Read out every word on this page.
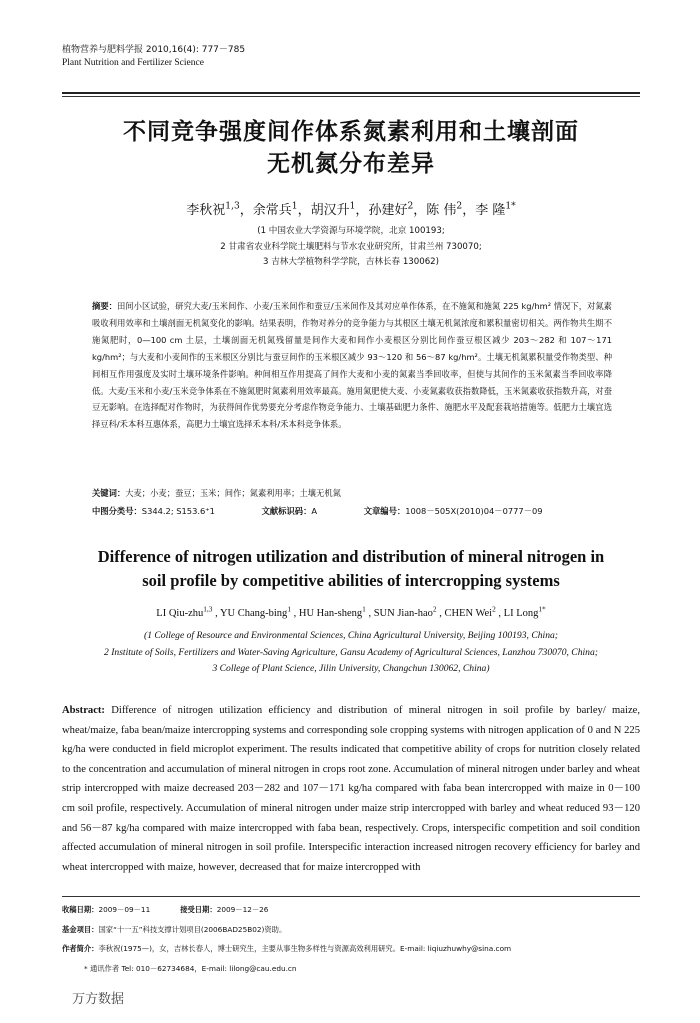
植物营养与肥料学报 2010,16(4): 777－785
Plant Nutrition and Fertilizer Science
不同竞争强度间作体系氮素利用和土壤剖面
无机氮分布差异
李秋祝$^{1,3}$，余常兵$^1$，胡汉升$^1$，孙建好$^2$，陈 伟$^2$，李 隆$^{1*}$
(1 中国农业大学资源与环境学院，北京 100193;
2 甘肃省农业科学院土壤肥料与节水农业研究所，甘肃兰州 730070;
3 吉林大学植物科学学院，吉林长春 130062)
摘要：田间小区试验，研究大麦/玉米间作、小麦/玉米间作和蚕豆/玉米间作及其对应单作体系，在不施氮和施氮 225 kg/hm² 情况下，对氮素吸收利用效率和土壤剖面无机氮变化的影响。结果表明，作物对养分的竞争能力与其根区土壤无机氮浓度和累积量密切相关。两作物共生期不施氮肥时，0—100 cm 土层，土壤剖面无机氮残留量是间作大麦和间作小麦根区分别比间作蚕豆根区减少 203～282 和 107～171 kg/hm²；与大麦和小麦间作的玉米根区分别比与蚕豆间作的玉米根区减少 93～120 和 56～87 kg/hm²。土壤无机氮累积量受作物类型、种间相互作用强度及实时土壤环境条件影响。种间相互作用提高了间作大麦和小麦的氮素当季回收率，但使与其间作的玉米氮素当季回收率降低。大麦/玉米和小麦/玉米竞争体系在不施氮肥时氮素利用效率最高。施用氮肥使大麦、小麦氮素收获指数降低，玉米氮素收获指数升高，对蚕豆无影响。在选择配对作物时，为获得间作优势要充分考虑作物竞争能力、土壤基础肥力条件、施肥水平及配套栽培措施等。低肥力土壤宜选择豆科/禾本科互惠体系，高肥力土壤宜选择禾本科/禾本科竞争体系。
关键词：大麦；小麦；蚕豆；玉米；间作；氮素利用率；土壤无机氮
中图分类号：S344.2; S153.6⁺1	文献标识码：A	文章编号：1008－505X(2010)04－0777－09
Difference of nitrogen utilization and distribution of mineral nitrogen in
soil profile by competitive abilities of intercropping systems
LI Qiu-zhu$^{1,3}$ , YU Chang-bing$^1$ , HU Han-sheng$^1$ , SUN Jian-hao$^2$ , CHEN Wei$^2$ , LI Long$^{1*}$
(1 College of Resource and Environmental Sciences, China Agricultural University, Beijing 100193, China;
2 Institute of Soils, Fertilizers and Water-Saving Agriculture, Gansu Academy of Agricultural Sciences, Lanzhou 730070, China;
3 College of Plant Science, Jilin University, Changchun 130062, China)
Abstract: Difference of nitrogen utilization efficiency and distribution of mineral nitrogen in soil profile by barley/ maize, wheat/maize, faba bean/maize intercropping systems and corresponding sole cropping systems with nitrogen application of 0 and N 225 kg/ha were conducted in field microplot experiment. The results indicated that competitive ability of crops for nutrition closely related to the concentration and accumulation of mineral nitrogen in crops root zone. Accumulation of mineral nitrogen under barley and wheat strip intercropped with maize decreased 203－282 and 107－171 kg/ha compared with faba bean intercropped with maize in 0－100 cm soil profile, respectively. Accumulation of mineral nitrogen under maize strip intercropped with barley and wheat reduced 93－120 and 56－87 kg/ha compared with maize intercropped with faba bean, respectively. Crops, interspecific competition and soil condition affected accumulation of mineral nitrogen in soil profile. Interspecific interaction increased nitrogen recovery efficiency for barley and wheat intercropped with maize, however, decreased that for maize intercropped with
收稿日期：2009－09－11	接受日期：2009－12－26
基金项目：国家“十一五”科技支撑计划项目(2006BAD25B02)资助。
作者简介：李秋祝(1975—)，女，吉林长春人，博士研究生，主要从事生物多样性与资源高效利用研究。E-mail: liqiuzhuwhy@sina.com
* 通讯作者 Tel: 010－62734684，E-mail: lilong@cau.edu.cn
万方数据
